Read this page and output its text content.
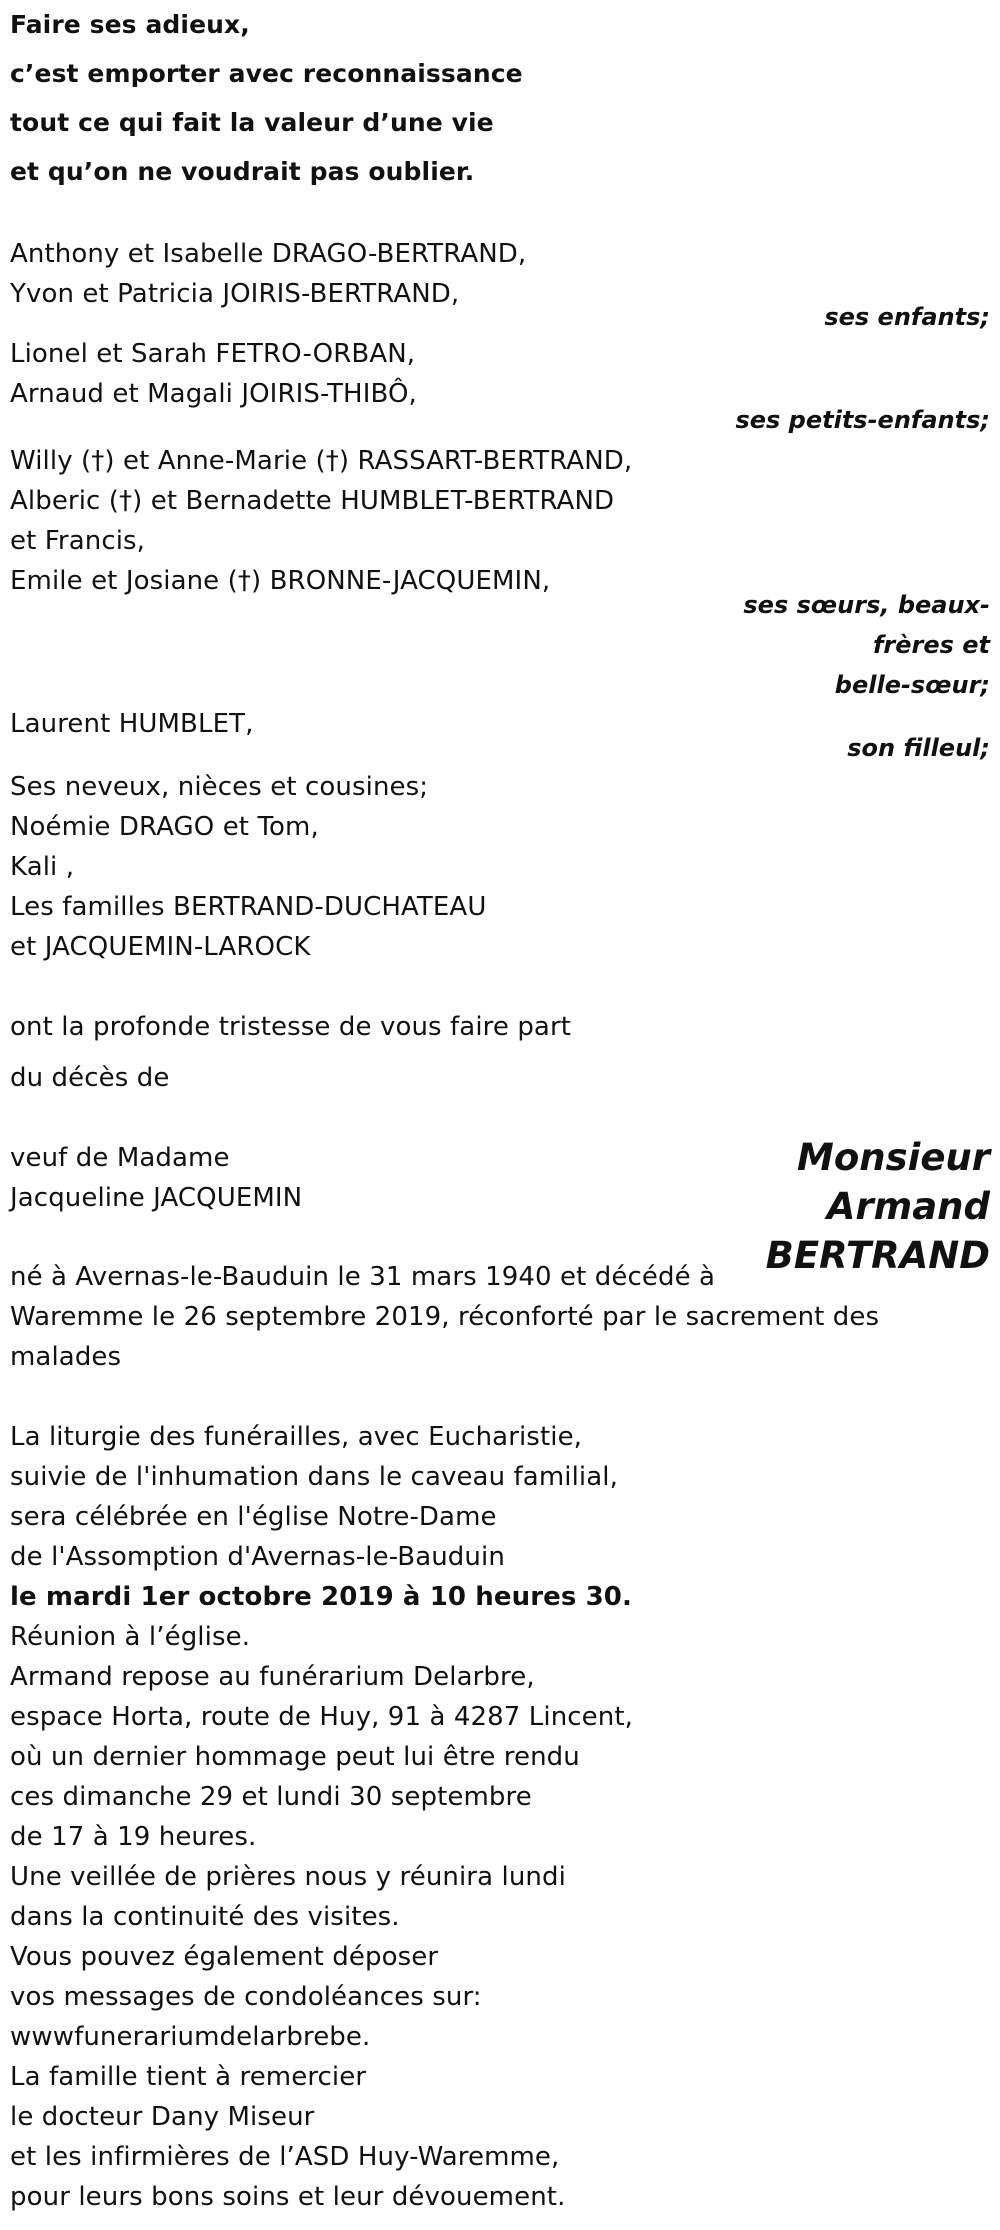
Faire ses adieux,
c’est emporter avec reconnaissance
tout ce qui fait la valeur d’une vie
et qu’on ne voudrait pas oublier.
Anthony et Isabelle DRAGO-BERTRAND,
Yvon et Patricia JOIRIS-BERTRAND,
ses enfants;
Lionel et Sarah FETRO-ORBAN,
Arnaud et Magali JOIRIS-THIBÔ,
ses petits-enfants;
Willy (†) et Anne-Marie (†) RASSART-BERTRAND,
Alberic (†) et Bernadette HUMBLET-BERTRAND
et Francis,
Emile et Josiane (†) BRONNE-JACQUEMIN,
ses sœurs, beaux-
frères et
belle-sœur;
Laurent HUMBLET,
son filleul;
Ses neveux, nièces et cousines;
Noémie DRAGO et Tom,
Kali ,
Les familles BERTRAND-DUCHATEAU
et JACQUEMIN-LAROCK
ont la profonde tristesse de vous faire part
du décès de
Monsieur
Armand
BERTRAND
veuf de Madame
Jacqueline JACQUEMIN
né à Avernas-le-Bauduin le 31 mars 1940 et décédé à
Waremme le 26 septembre 2019, réconforté par le sacrement des
malades
La liturgie des funérailles, avec Eucharistie,
suivie de l'inhumation dans le caveau familial,
sera célébrée en l'église Notre-Dame
de l'Assomption d'Avernas-le-Bauduin
le mardi 1er octobre 2019 à 10 heures 30.
Réunion à l’église.
Armand repose au funérarium Delarbre,
espace Horta, route de Huy, 91 à 4287 Lincent,
où un dernier hommage peut lui être rendu
ces dimanche 29 et lundi 30 septembre
de 17 à 19 heures.
Une veillée de prières nous y réunira lundi
dans la continuité des visites.
Vous pouvez également déposer
vos messages de condoléances sur:
wwwfunerariumdelarbrebe.
La famille tient à remercier
le docteur Dany Miseur
et les infirmières de l’ASD Huy-Waremme,
pour leurs bons soins et leur dévouement.
